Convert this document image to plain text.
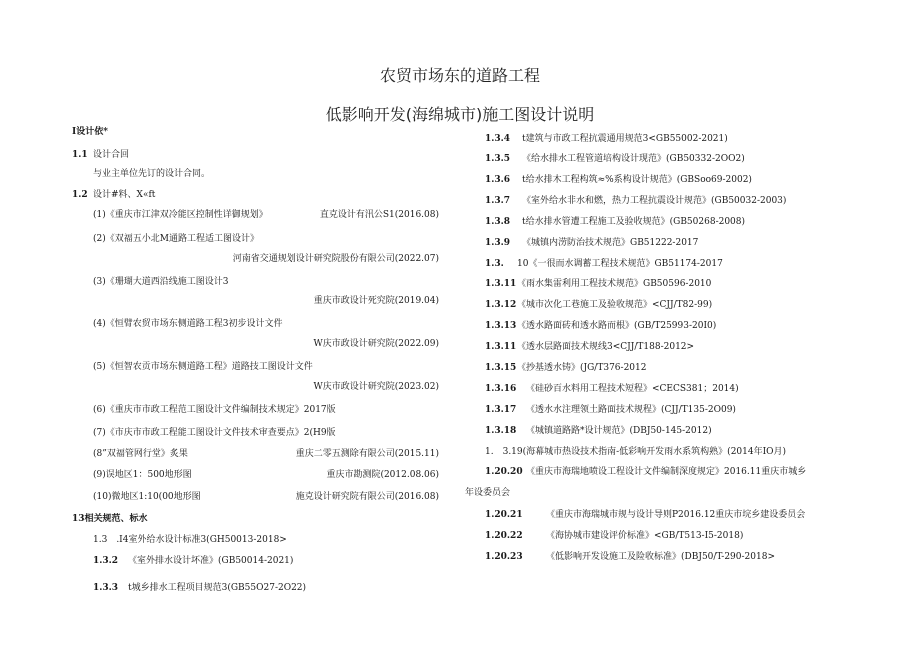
农贸市场东的道路工程
低影响开发(海绵城市)施工图设计说明
I设计依*
1.1 设计合回
与业主单位先订的设计合同。
1.2 设计#料、X«ft
(1)《重庆市江津双冷能区控制性详御规划》	直克设计有汛公S1(2016.08)
(2)《双福五小北M通路工程适工图设计》
河南省交通规划设计研究院股份有限公司(2022.07)
(3)《珊瑚大道西沿线施工图设计3
重庆市政设计死究院(2019.04)
(4)《恒臂农贸市场东侧道路工程3初步设计文件
W庆市政设计研究院(2022.09)
(5)《恒智农贡市场东侧道路工程》道路技工图设计文件
W庆市政设计研究院(2023.02)
(6)《重庆市市政工程范工图设计文件编制技术规定》2017版
(7)《市庆市市政工程能工图设计文件技术审查要点》2(H9版
(8”双福管网行堂》炙果	重庆二零五测除有限公司(2015.11)
(9)误地区1：500地形图	重庆市勘测院(2012.08.06)
(10)微地区1:10(00地形图	施克设计研究院有限公司(2016.08)
13相关规范、标水
1.3　.I4室外给水设计标准3(GH50013-2018>
1.3.2 《室外排水设计坏准》(GB50014-2021)
1.3.3 t城乡排水工程项目规范3(GB55O27-2O22)
1.3.4 t建筑与市政工程抗震通用规范3<GB55002-2021)
1.3.5 《给水排水工程管道培构设计现范》(GB50332-2OO2)
1.3.6 t给水排木工程构筑≈%系构设计规范》(GBSoo69-2002)
1.3.7 《室外给水非水和燃，热力工程抗震设计规范》(GB50032-2003)
1.3.8 t给水排水管遭工程施工及验收规范》(GB50268-2008)
1.3.9 《城镇内涝防治技术规范》GB51222-2017
1.3. 10《一很而水调蓄工程技术规范》GB51174-2017
1.3.11 《雨水集雷利用工程技术规范》GB50596-2010
1.3.12 《城市次化工巷施工及验收规范》<CJJ/T82-99)
1.3.13 《透水路面砖和透水路而根》(GB/T25993-20I0)
1.3.11 《透水层路面技术规线3<CJJ/T188-2012>
1.3.15 《抄基透水铸》(JG/T376-2012
1.3.16 《硅砂百水料用工程技术短程》<CECS381；2014)
1.3.17 《透水水注理领土路面技术规程》(CJJ/T135-2O09)
1.3.18 《城镇道路路*设计规范》(DBJ50-145-2012)
1.　3.19(海幕城市热设技术指南-低彩响开发雨水系筑构熟》(2014年IO月)
1.20.20 《重庆市海瑞地喷设工程设计文件编制深度规定》2016.11重庆市城乡
年设委员会
1.20.21	《重庆市海瑞城市规与设计导则P2016.12重庆市垸乡建设委员会
1.20.22	《海协城市建设评价标准》<GB/T513-I5-2018)
1.20.23	《低影响开发设施工及险收标准》(DBJ50/T-290-2018>
